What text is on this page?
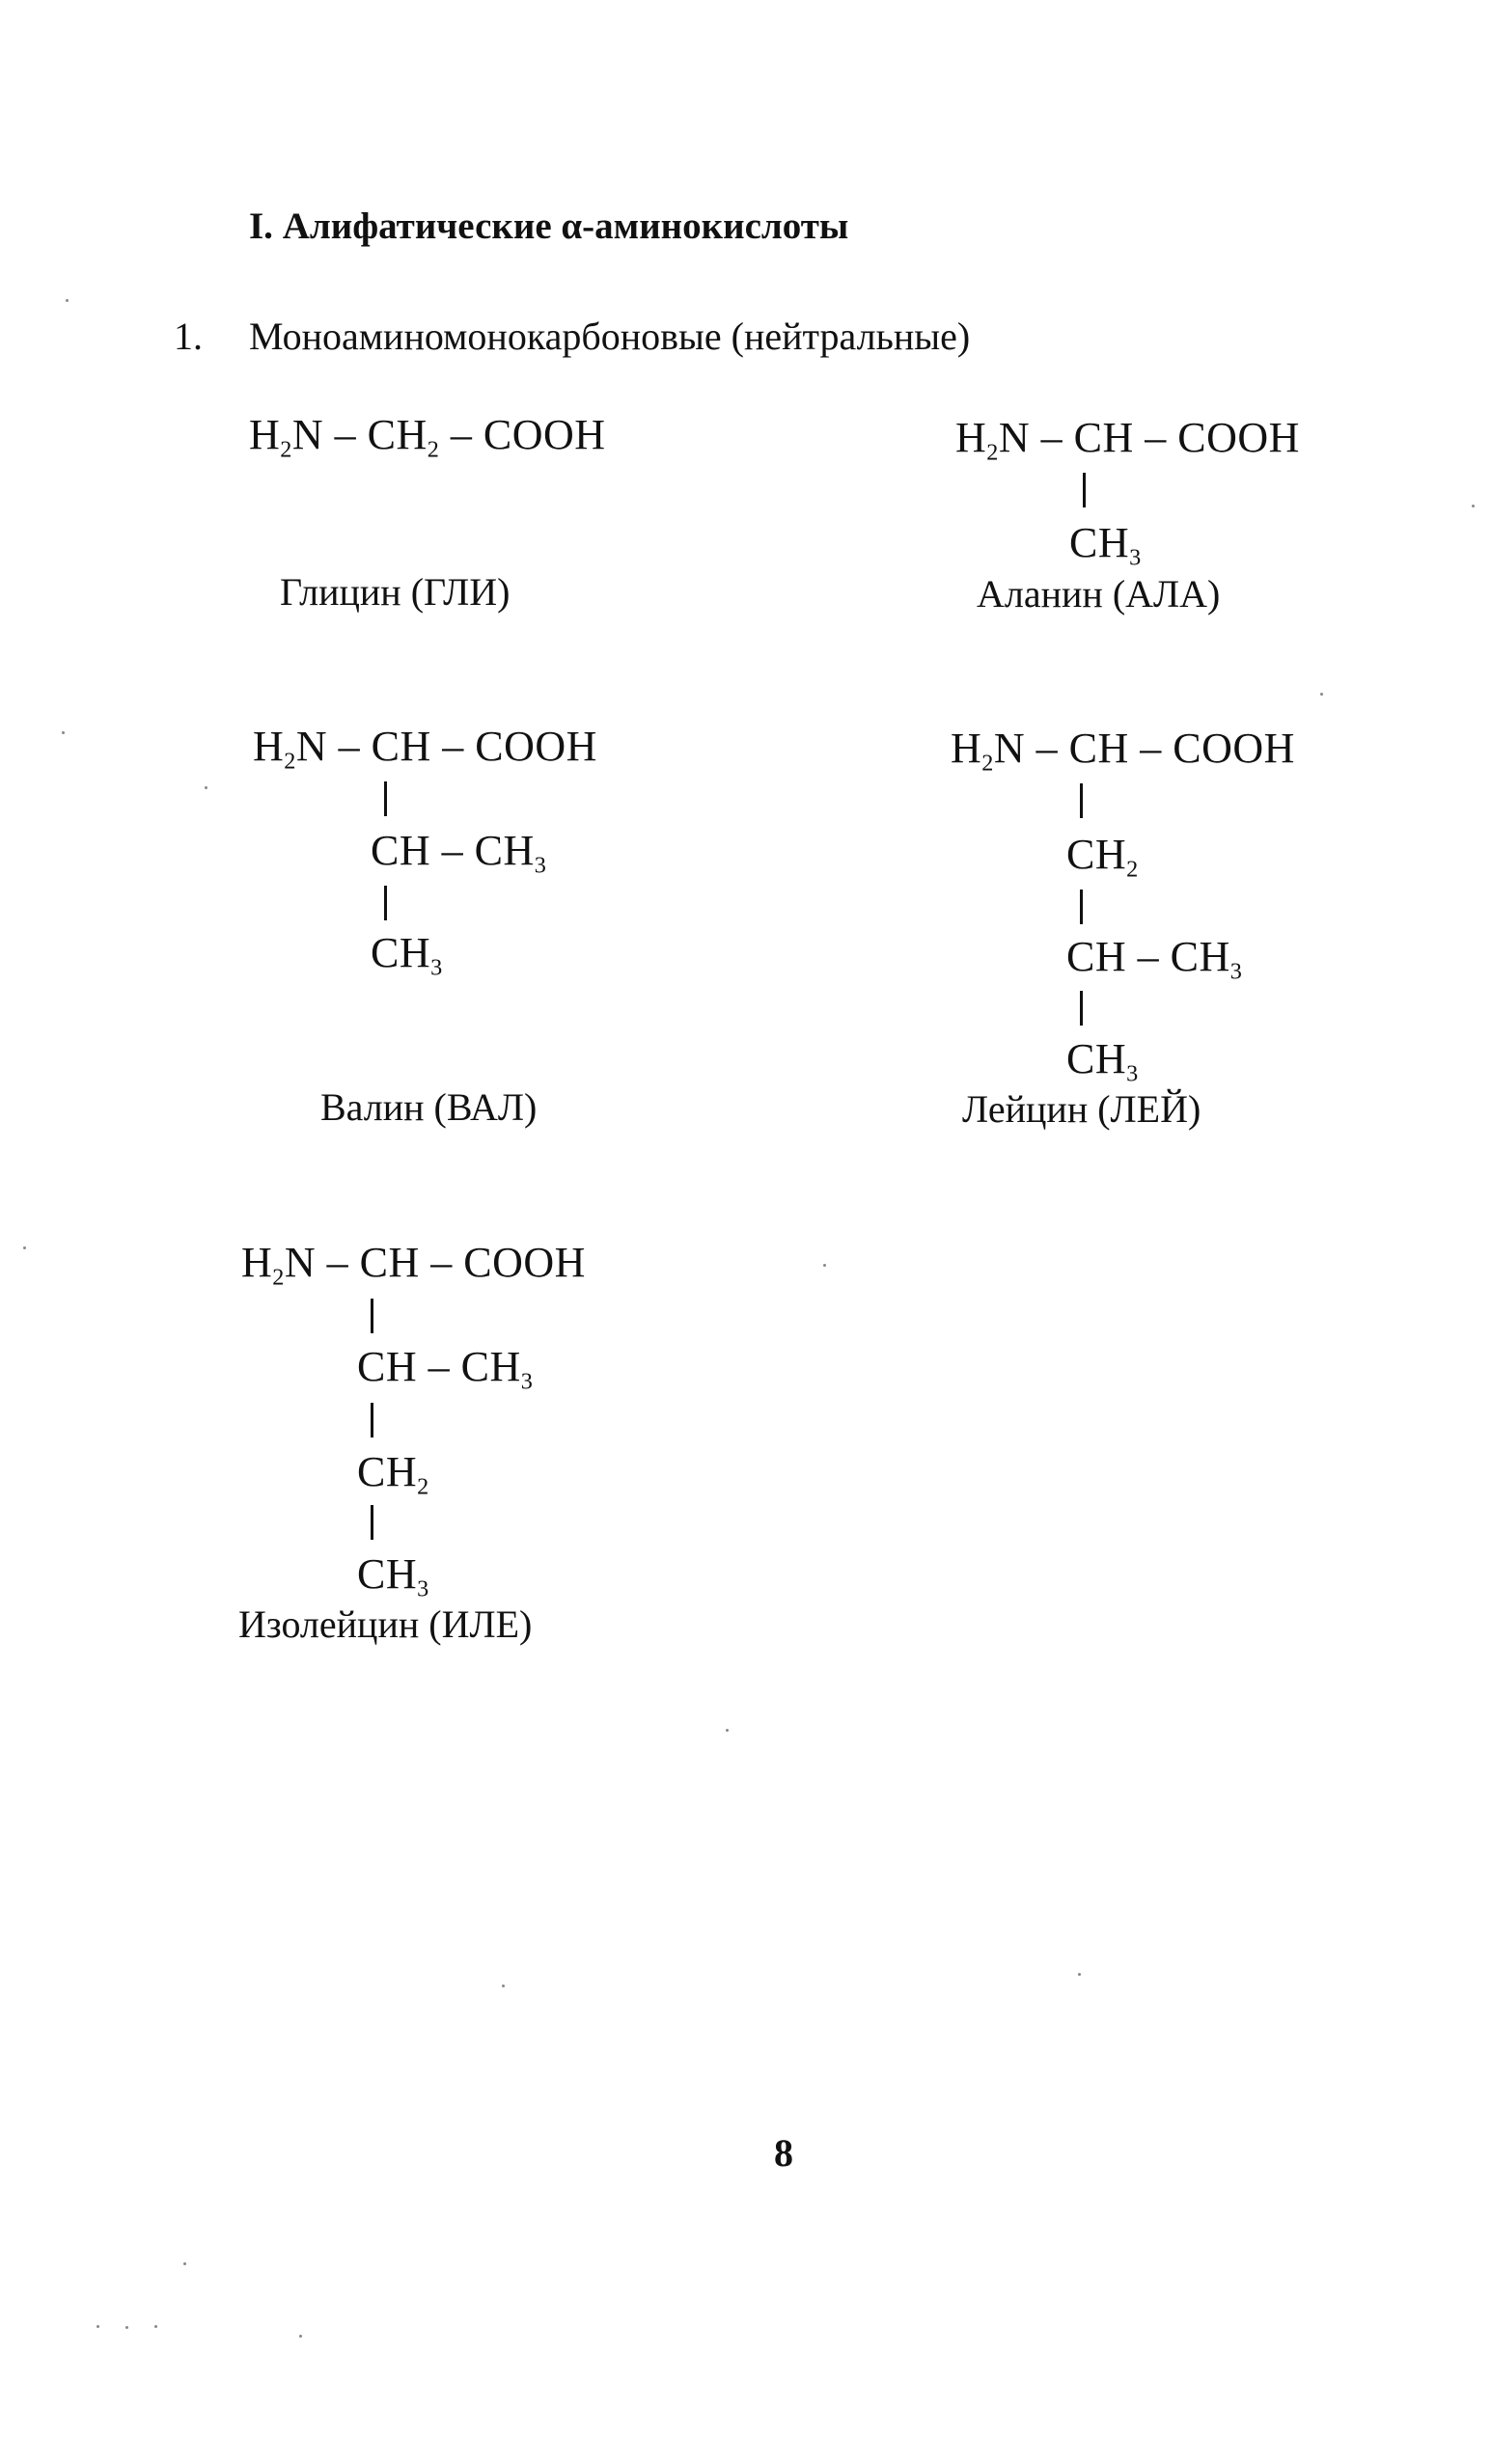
I. Алифатические α-аминокислоты
1. Моноаминомонокарбоновые (нейтральные)
$H_2N - CH_2$ – COOH
Глицин (ГЛИ)
$H_2N$ – CH – COOH
$CH_3$
Аланин (АЛА)
$H_2N$ – CH – COOH
CH – $CH_3$
$CH_3$
Валин (ВАЛ)
$H_2N$ – CH – COOH
$CH_2$
CH – $CH_3$
$CH_3$
Лейцин (ЛЕЙ)
$H_2N$ – CH – COOH
CH – $CH_3$
$CH_2$
$CH_3$
Изолейцин (ИЛЕ)
8
